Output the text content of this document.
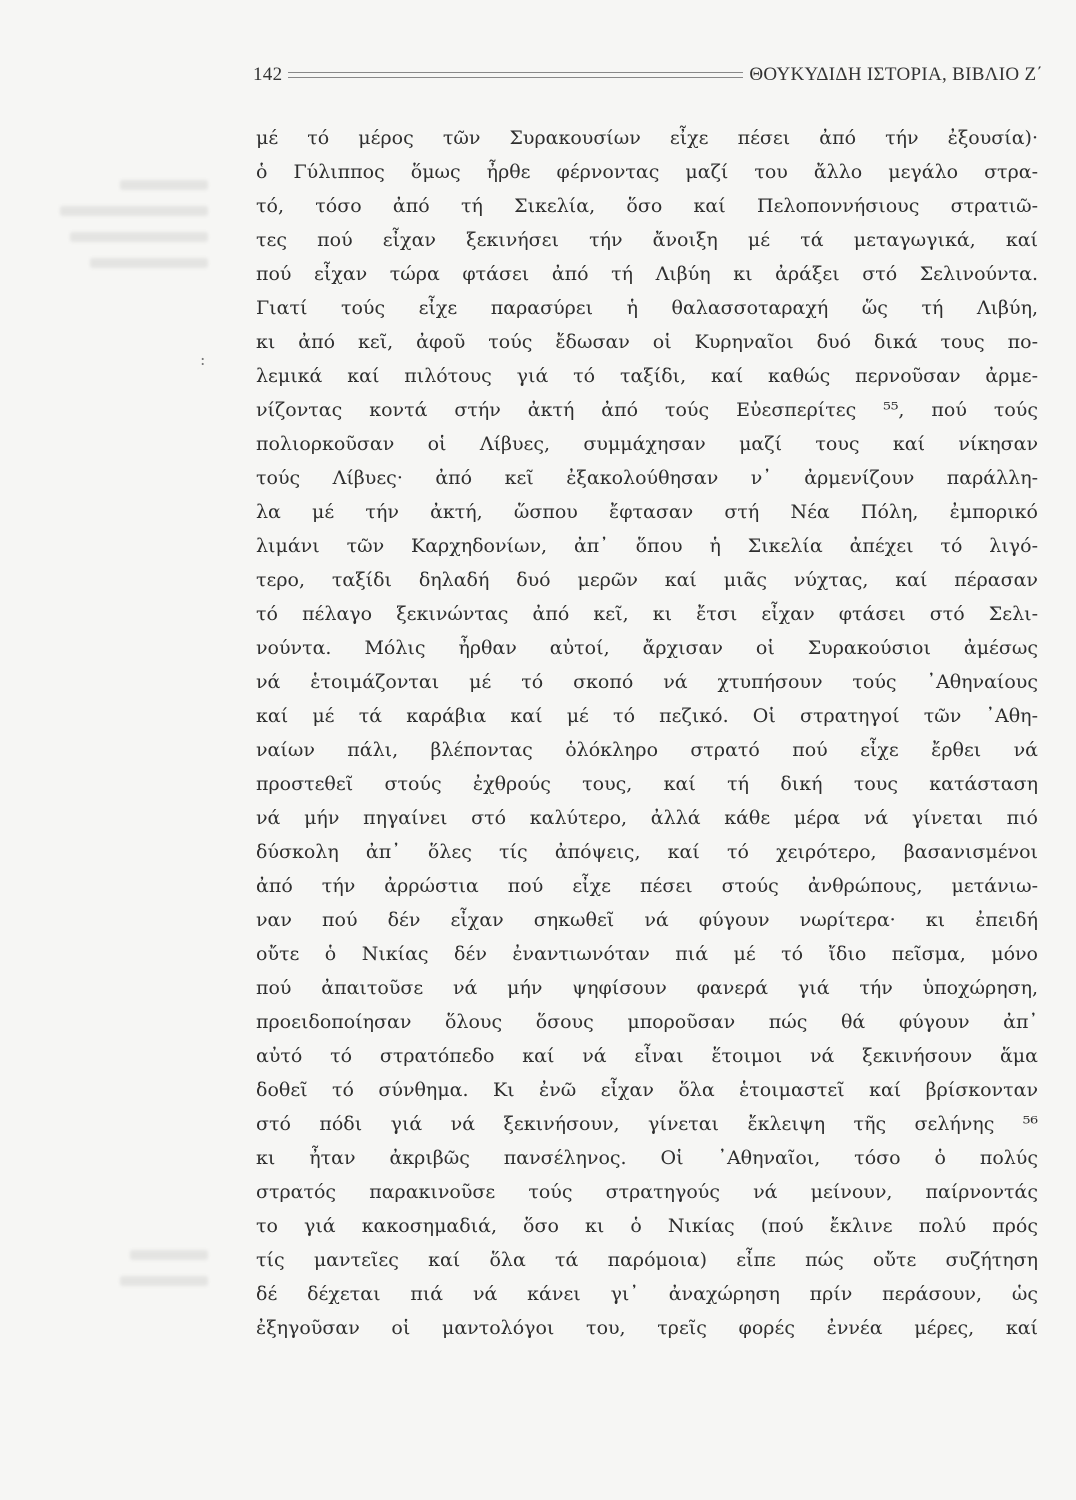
:
142	ΘΟΥΚΥΔΙΔΗ ΙΣΤΟΡΙΑ, ΒΙΒΛΙΟ Ζ΄
μέ τό μέρος τῶν Συρακουσίων εἶχε πέσει ἀπό τήν ἐξουσία)·
ὁ Γύλιππος ὅμως ἦρθε φέρνοντας μαζί του ἄλλο μεγάλο στρα-
τό, τόσο ἀπό τή Σικελία, ὅσο καί Πελοποννήσιους στρατιῶ-
τες πού εἶχαν ξεκινήσει τήν ἄνοιξη μέ τά μεταγωγικά, καί
πού εἶχαν τώρα φτάσει ἀπό τή Λιβύη κι ἀράξει στό Σελινούντα.
Γιατί τούς εἶχε παρασύρει ἡ θαλασσοταραχή ὥς τή Λιβύη,
κι ἀπό κεῖ, ἀφοῦ τούς ἔδωσαν οἱ Κυρηναῖοι δυό δικά τους πο-
λεμικά καί πιλότους γιά τό ταξίδι, καί καθώς περνοῦσαν ἀρμε-
νίζοντας κοντά στήν ἀκτή ἀπό τούς Εὐεσπερίτες ⁵⁵, πού τούς
πολιορκοῦσαν οἱ Λίβυες, συμμάχησαν μαζί τους καί νίκησαν
τούς Λίβυες· ἀπό κεῖ ἐξακολούθησαν ν᾽ ἀρμενίζουν παράλλη-
λα μέ τήν ἀκτή, ὥσπου ἔφτασαν στή Νέα Πόλη, ἐμπορικό
λιμάνι τῶν Καρχηδονίων, ἀπ᾽ ὅπου ἡ Σικελία ἀπέχει τό λιγό-
τερο, ταξίδι δηλαδή δυό μερῶν καί μιᾶς νύχτας, καί πέρασαν
τό πέλαγο ξεκινώντας ἀπό κεῖ, κι ἔτσι εἶχαν φτάσει στό Σελι-
νούντα. Μόλις ἦρθαν αὐτοί, ἄρχισαν οἱ Συρακούσιοι ἀμέσως
νά ἑτοιμάζονται μέ τό σκοπό νά χτυπήσουν τούς ᾽Αθηναίους
καί μέ τά καράβια καί μέ τό πεζικό. Οἱ στρατηγοί τῶν ᾽Αθη-
ναίων πάλι, βλέποντας ὁλόκληρο στρατό πού εἶχε ἔρθει νά
προστεθεῖ στούς ἐχθρούς τους, καί τή δική τους κατάσταση
νά μήν πηγαίνει στό καλύτερο, ἀλλά κάθε μέρα νά γίνεται πιό
δύσκολη ἀπ᾽ ὅλες τίς ἀπόψεις, καί τό χειρότερο, βασανισμένοι
ἀπό τήν ἀρρώστια πού εἶχε πέσει στούς ἀνθρώπους, μετάνιω-
ναν πού δέν εἶχαν σηκωθεῖ νά φύγουν νωρίτερα· κι ἐπειδή
οὔτε ὁ Νικίας δέν ἐναντιωνόταν πιά μέ τό ἴδιο πεῖσμα, μόνο
πού ἀπαιτοῦσε νά μήν ψηφίσουν φανερά γιά τήν ὑποχώρηση,
προειδοποίησαν ὅλους ὅσους μποροῦσαν πώς θά φύγουν ἀπ᾽
αὐτό τό στρατόπεδο καί νά εἶναι ἕτοιμοι νά ξεκινήσουν ἅμα
δοθεῖ τό σύνθημα. Κι ἐνῶ εἶχαν ὅλα ἑτοιμαστεῖ καί βρίσκονταν
στό πόδι γιά νά ξεκινήσουν, γίνεται ἔκλειψη τῆς σελήνης ⁵⁶
κι ἦταν ἀκριβῶς πανσέληνος. Οἱ ᾽Αθηναῖοι, τόσο ὁ πολύς
στρατός παρακινοῦσε τούς στρατηγούς νά μείνουν, παίρνοντάς
το γιά κακοσημαδιά, ὅσο κι ὁ Νικίας (πού ἔκλινε πολύ πρός
τίς μαντεῖες καί ὅλα τά παρόμοια) εἶπε πώς οὔτε συζήτηση
δέ δέχεται πιά νά κάνει γι᾽ ἀναχώρηση πρίν περάσουν, ὡς
ἐξηγοῦσαν οἱ μαντολόγοι του, τρεῖς φορές ἐννέα μέρες, καί
